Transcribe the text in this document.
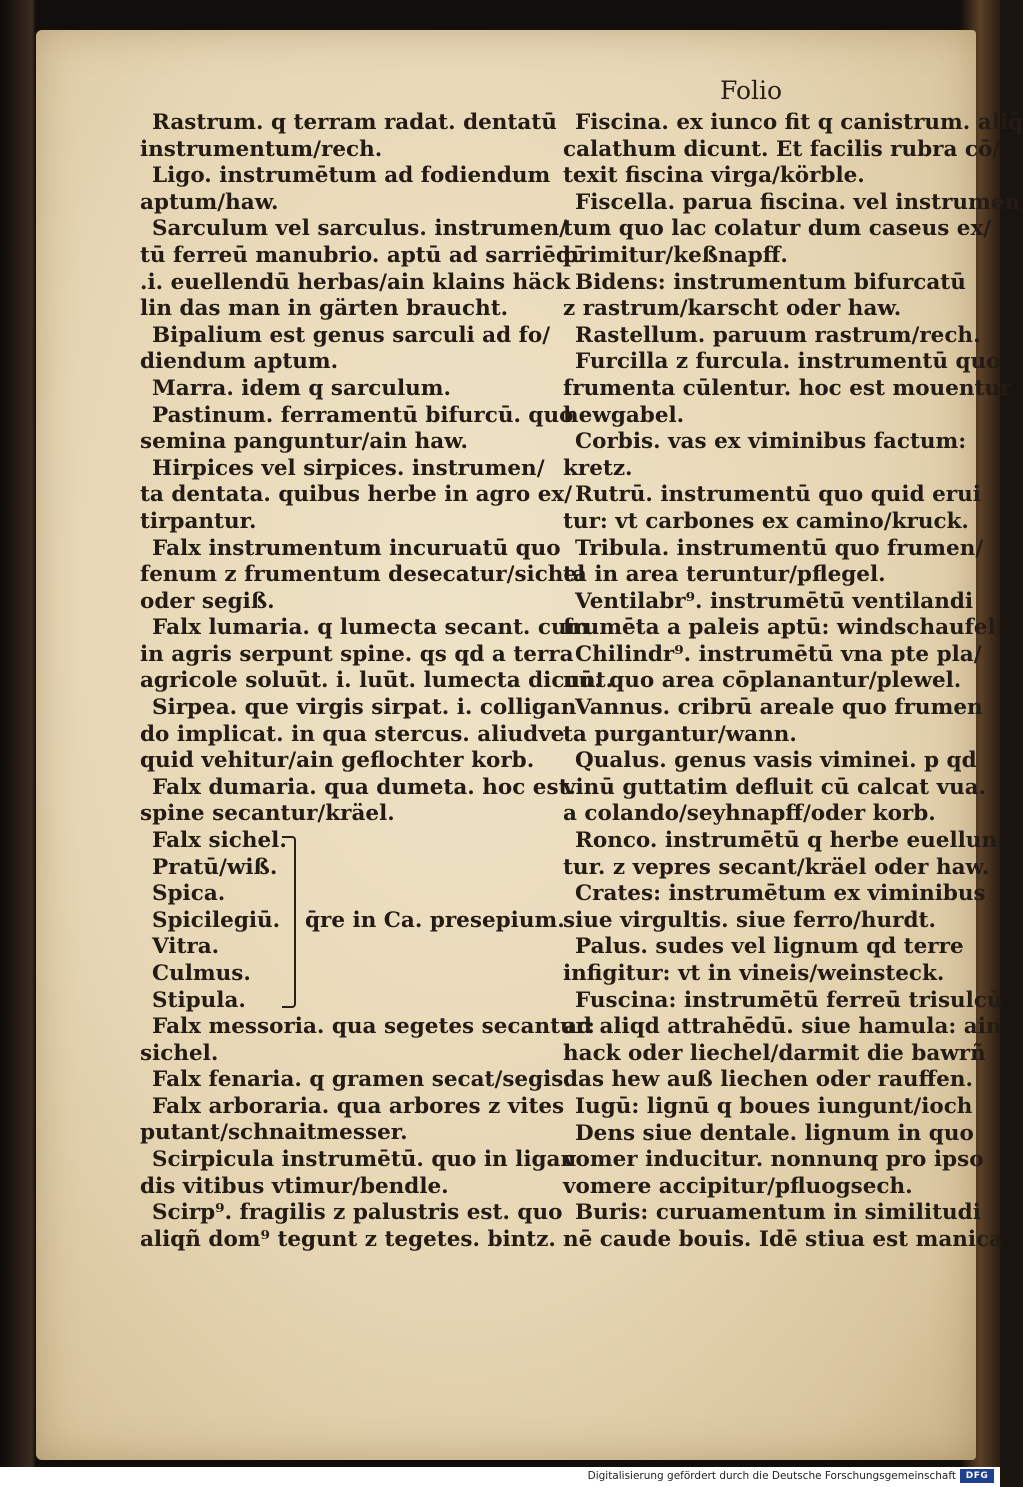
Folio
Rastrum. q terram radat. dentatū
instrumentum/rech.
Ligo. instrumētum ad fodiendum
aptum/haw.
Sarculum vel sarculus. instrumen/
tū ferreū manubrio. aptū ad sarriēdū
.i. euellendū herbas/ain klains häck
lin das man in gärten braucht.
Bipalium est genus sarculi ad fo/
diendum aptum.
Marra. idem q sarculum.
Pastinum. ferramentū bifurcū. quo
semina panguntur/ain haw.
Hirpices vel sirpices. instrumen/
ta dentata. quibus herbe in agro ex/
tirpantur.
Falx instrumentum incuruatū quo
fenum z frumentum desecatur/sichel
oder segiß.
Falx lumaria. q lumecta secant. cum
in agris serpunt spine. qs qd a terra
agricole soluūt. i. luūt. lumecta dicunt.
Sirpea. que virgis sirpat. i. colligan
do implicat. in qua stercus. aliudve
quid vehitur/ain geflochter korb.
Falx dumaria. qua dumeta. hoc est.
spine secantur/kräel.
Falx sichel.
Pratū/wiß.
Spica.
Spicilegiū.
Vitra.
Culmus.
Stipula.
q̄re in Ca. presepium.
Falx messoria. qua segetes secantur:
sichel.
Falx fenaria. q gramen secat/segis.
Falx arboraria. qua arbores z vites
putant/schnaitmesser.
Scirpicula instrumētū. quo in ligan
dis vitibus vtimur/bendle.
Scirp⁹. fragilis z palustris est. quo
aliqñ dom⁹ tegunt z tegetes. bintz.
Fiscina. ex iunco fit q canistrum. aliq̄
calathum dicunt. Et facilis rubra cō/
texit fiscina virga/körble.
Fiscella. parua fiscina. vel instrumen
tum quo lac colatur dum caseus ex/
primitur/keßnapff.
Bidens: instrumentum bifurcatū
z rastrum/karscht oder haw.
Rastellum. paruum rastrum/rech.
Furcilla z furcula. instrumentū quo
frumenta cūlentur. hoc est mouentur
hewgabel.
Corbis. vas ex viminibus factum:
kretz.
Rutrū. instrumentū quo quid erui
tur: vt carbones ex camino/kruck.
Tribula. instrumentū quo frumen/
ta in area teruntur/pflegel.
Ventilabr⁹. instrumētū ventilandi
frumēta a paleis aptū: windschaufel.
Chilindr⁹. instrumētū vna pte pla/
nū. quo area cōplanantur/plewel.
Vannus. cribrū areale quo frumen
ta purgantur/wann.
Qualus. genus vasis viminei. p qd
vinū guttatim defluit cū calcat vua.
a colando/seyhnapff/oder korb.
Ronco. instrumētū q herbe euellun
tur. z vepres secant/kräel oder haw.
Crates: instrumētum ex viminibus
siue virgultis. siue ferro/hurdt.
Palus. sudes vel lignum qd terre
infigitur: vt in vineis/weinsteck.
Fuscina: instrumētū ferreū trisulcū
ad aliqd attrahēdū. siue hamula: ain
hack oder liechel/darmit die bawrñ
das hew auß liechen oder rauffen.
Iugū: lignū q boues iungunt/ioch
Dens siue dentale. lignum in quo
vomer inducitur. nonnunq pro ipso
vomere accipitur/pfluogsech.
Buris: curuamentum in similitudi
nē caude bouis. Idē stiua est manica
Digitalisierung gefördert durch die Deutsche Forschungsgemeinschaft	DFG
